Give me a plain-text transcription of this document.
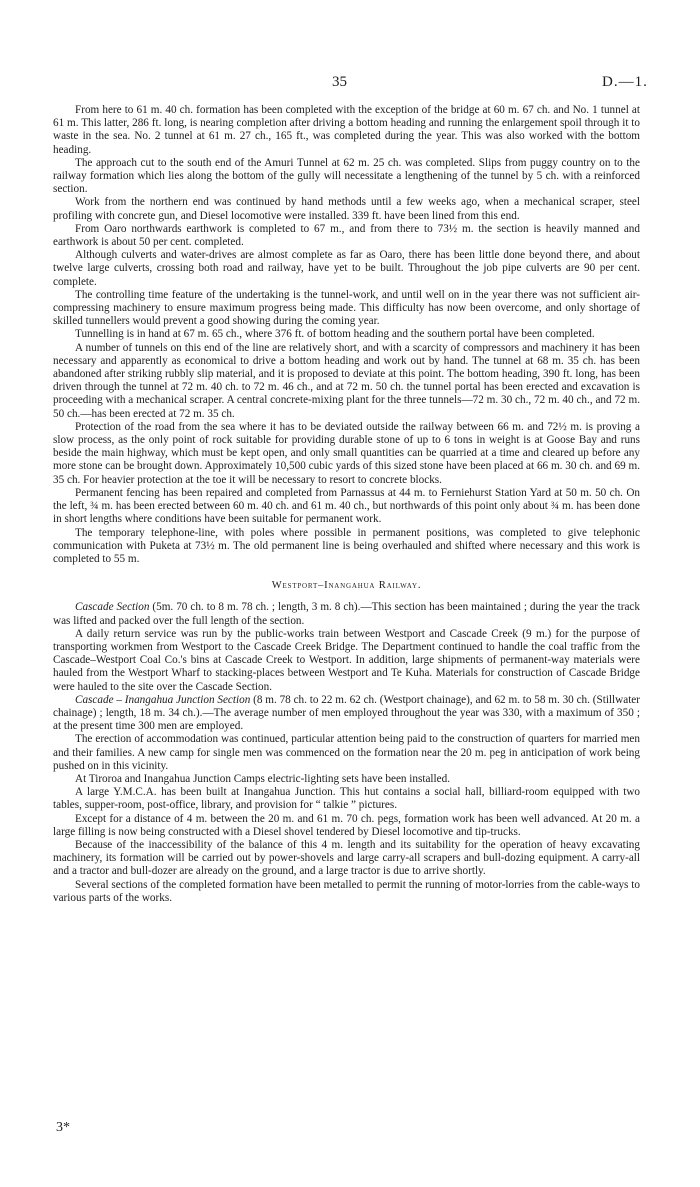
35	D.—1.

From here to 61 m. 40 ch. formation has been completed with the exception of the bridge at 60 m. 67 ch. and No. 1 tunnel at 61 m. This latter, 286 ft. long, is nearing completion after driving a bottom heading and running the enlargement spoil through it to waste in the sea. No. 2 tunnel at 61 m. 27 ch., 165 ft., was completed during the year. This was also worked with the bottom heading.

The approach cut to the south end of the Amuri Tunnel at 62 m. 25 ch. was completed. Slips from puggy country on to the railway formation which lies along the bottom of the gully will necessitate a lengthening of the tunnel by 5 ch. with a reinforced section.

Work from the northern end was continued by hand methods until a few weeks ago, when a mechanical scraper, steel profiling with concrete gun, and Diesel locomotive were installed. 339 ft. have been lined from this end.

From Oaro northwards earthwork is completed to 67 m., and from there to 73½ m. the section is heavily manned and earthwork is about 50 per cent. completed.

Although culverts and water-drives are almost complete as far as Oaro, there has been little done beyond there, and about twelve large culverts, crossing both road and railway, have yet to be built. Throughout the job pipe culverts are 90 per cent. complete.

The controlling time feature of the undertaking is the tunnel-work, and until well on in the year there was not sufficient air-compressing machinery to ensure maximum progress being made. This difficulty has now been overcome, and only shortage of skilled tunnellers would prevent a good showing during the coming year.

Tunnelling is in hand at 67 m. 65 ch., where 376 ft. of bottom heading and the southern portal have been completed.

A number of tunnels on this end of the line are relatively short, and with a scarcity of compressors and machinery it has been necessary and apparently as economical to drive a bottom heading and work out by hand. The tunnel at 68 m. 35 ch. has been abandoned after striking rubbly slip material, and it is proposed to deviate at this point. The bottom heading, 390 ft. long, has been driven through the tunnel at 72 m. 40 ch. to 72 m. 46 ch., and at 72 m. 50 ch. the tunnel portal has been erected and excavation is proceeding with a mechanical scraper. A central concrete-mixing plant for the three tunnels—72 m. 30 ch., 72 m. 40 ch., and 72 m. 50 ch.—has been erected at 72 m. 35 ch.

Protection of the road from the sea where it has to be deviated outside the railway between 66 m. and 72½ m. is proving a slow process, as the only point of rock suitable for providing durable stone of up to 6 tons in weight is at Goose Bay and runs beside the main highway, which must be kept open, and only small quantities can be quarried at a time and cleared up before any more stone can be brought down. Approximately 10,500 cubic yards of this sized stone have been placed at 66 m. 30 ch. and 69 m. 35 ch. For heavier protection at the toe it will be necessary to resort to concrete blocks.

Permanent fencing has been repaired and completed from Parnassus at 44 m. to Ferniehurst Station Yard at 50 m. 50 ch. On the left, ¾ m. has been erected between 60 m. 40 ch. and 61 m. 40 ch., but northwards of this point only about ¾ m. has been done in short lengths where conditions have been suitable for permanent work.

The temporary telephone-line, with poles where possible in permanent positions, was completed to give telephonic communication with Puketa at 73½ m. The old permanent line is being overhauled and shifted where necessary and this work is completed to 55 m.

Westport–Inangahua Railway.

Cascade Section (5m. 70 ch. to 8 m. 78 ch. ; length, 3 m. 8 ch).—This section has been maintained ; during the year the track was lifted and packed over the full length of the section.

A daily return service was run by the public-works train between Westport and Cascade Creek (9 m.) for the purpose of transporting workmen from Westport to the Cascade Creek Bridge. The Department continued to handle the coal traffic from the Cascade–Westport Coal Co.'s bins at Cascade Creek to Westport. In addition, large shipments of permanent-way materials were hauled from the Westport Wharf to stacking-places between Westport and Te Kuha. Materials for construction of Cascade Bridge were hauled to the site over the Cascade Section.

Cascade – Inangahua Junction Section (8 m. 78 ch. to 22 m. 62 ch. (Westport chainage), and 62 m. to 58 m. 30 ch. (Stillwater chainage) ; length, 18 m. 34 ch.).—The average number of men employed throughout the year was 330, with a maximum of 350 ; at the present time 300 men are employed.

The erection of accommodation was continued, particular attention being paid to the construction of quarters for married men and their families. A new camp for single men was commenced on the formation near the 20 m. peg in anticipation of work being pushed on in this vicinity.

At Tiroroa and Inangahua Junction Camps electric-lighting sets have been installed.

A large Y.M.C.A. has been built at Inangahua Junction. This hut contains a social hall, billiard-room equipped with two tables, supper-room, post-office, library, and provision for “ talkie ” pictures.

Except for a distance of 4 m. between the 20 m. and 61 m. 70 ch. pegs, formation work has been well advanced. At 20 m. a large filling is now being constructed with a Diesel shovel tendered by Diesel locomotive and tip-trucks.

Because of the inaccessibility of the balance of this 4 m. length and its suitability for the operation of heavy excavating machinery, its formation will be carried out by power-shovels and large carry-all scrapers and bull-dozing equipment. A carry-all and a tractor and bull-dozer are already on the ground, and a large tractor is due to arrive shortly.

Several sections of the completed formation have been metalled to permit the running of motor-lorries from the cable-ways to various parts of the works.

3*
